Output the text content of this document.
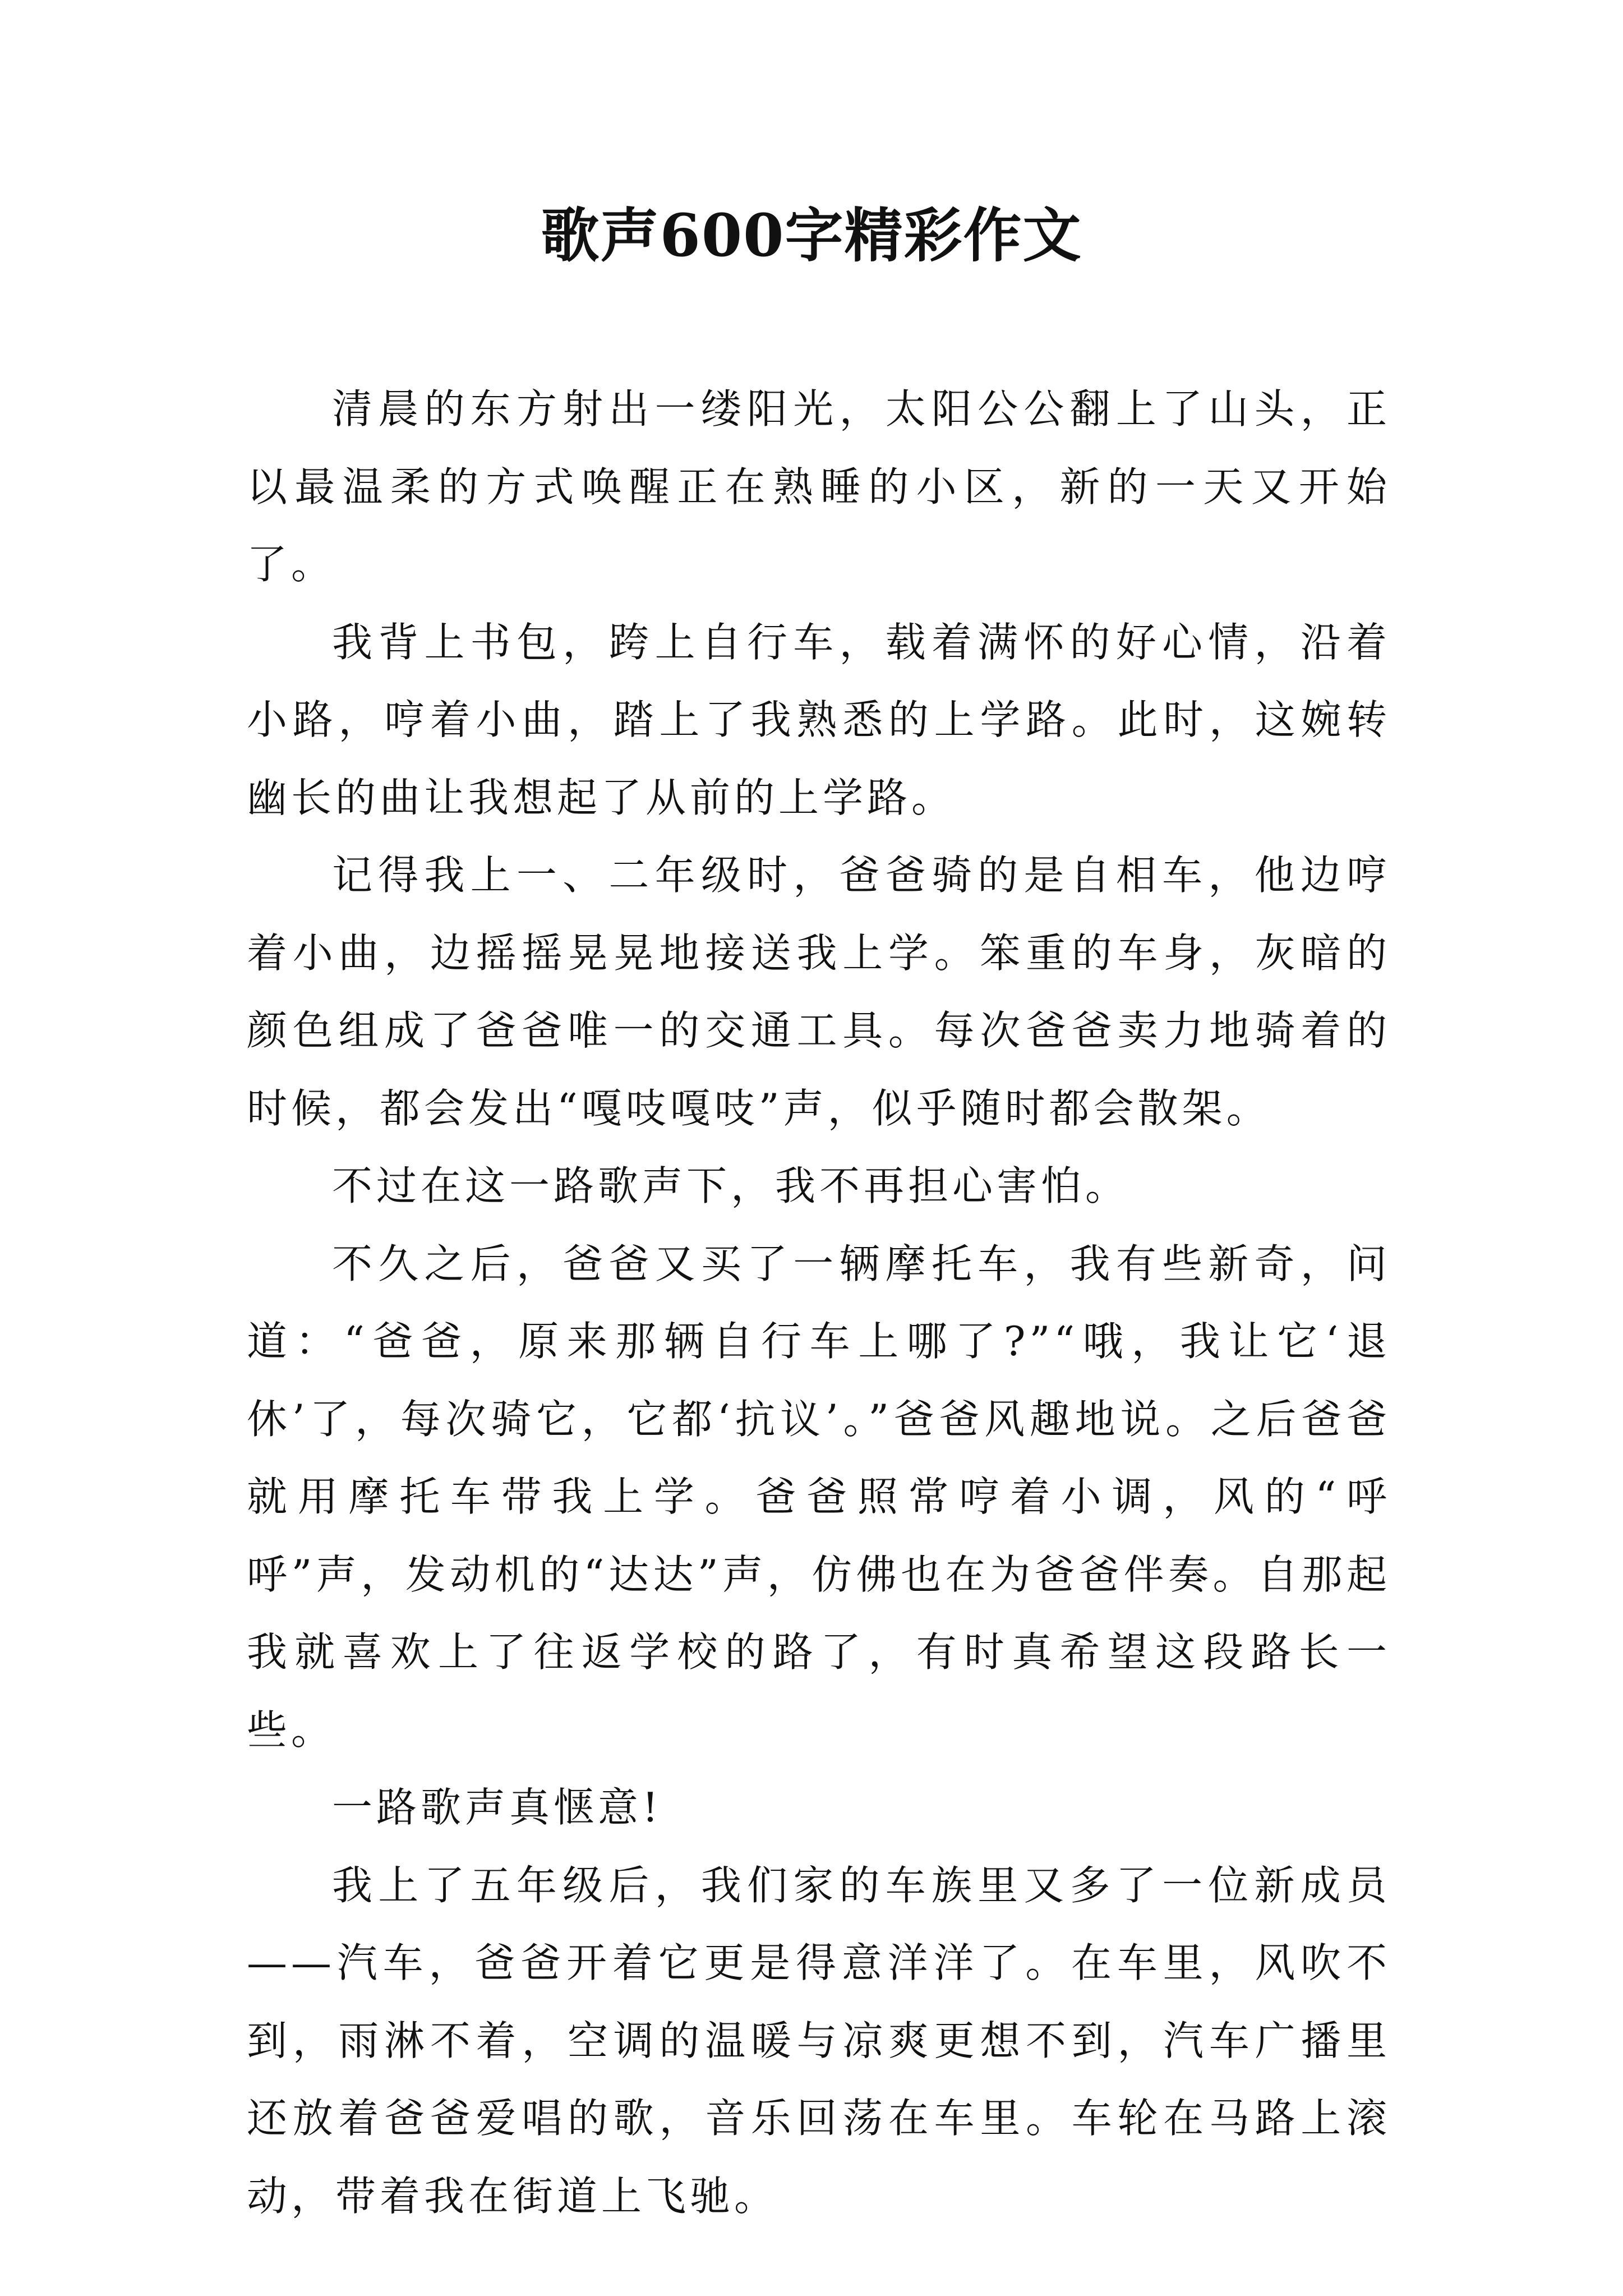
歌声600字精彩作文

清晨的东方射出一缕阳光，太阳公公翻上了山头，正以最温柔的方式唤醒正在熟睡的小区，新的一天又开始了。

我背上书包，跨上自行车，载着满怀的好心情，沿着小路，哼着小曲，踏上了我熟悉的上学路。此时，这婉转幽长的曲让我想起了从前的上学路。

记得我上一、二年级时，爸爸骑的是自相车，他边哼着小曲，边摇摇晃晃地接送我上学。笨重的车身，灰暗的颜色组成了爸爸唯一的交通工具。每次爸爸卖力地骑着的时候，都会发出“嘎吱嘎吱”声，似乎随时都会散架。

不过在这一路歌声下，我不再担心害怕。

不久之后，爸爸又买了一辆摩托车，我有些新奇，问道：“爸爸，原来那辆自行车上哪了?”“哦，我让它‘退休’了，每次骑它，它都‘抗议’。”爸爸风趣地说。之后爸爸就用摩托车带我上学。爸爸照常哼着小调，风的“呼呼”声，发动机的“达达”声，仿佛也在为爸爸伴奏。自那起我就喜欢上了往返学校的路了，有时真希望这段路长一些。

一路歌声真惬意!

我上了五年级后，我们家的车族里又多了一位新成员——汽车，爸爸开着它更是得意洋洋了。在车里，风吹不到，雨淋不着，空调的温暖与凉爽更想不到，汽车广播里还放着爸爸爱唱的歌，音乐回荡在车里。车轮在马路上滚动，带着我在街道上飞驰。
